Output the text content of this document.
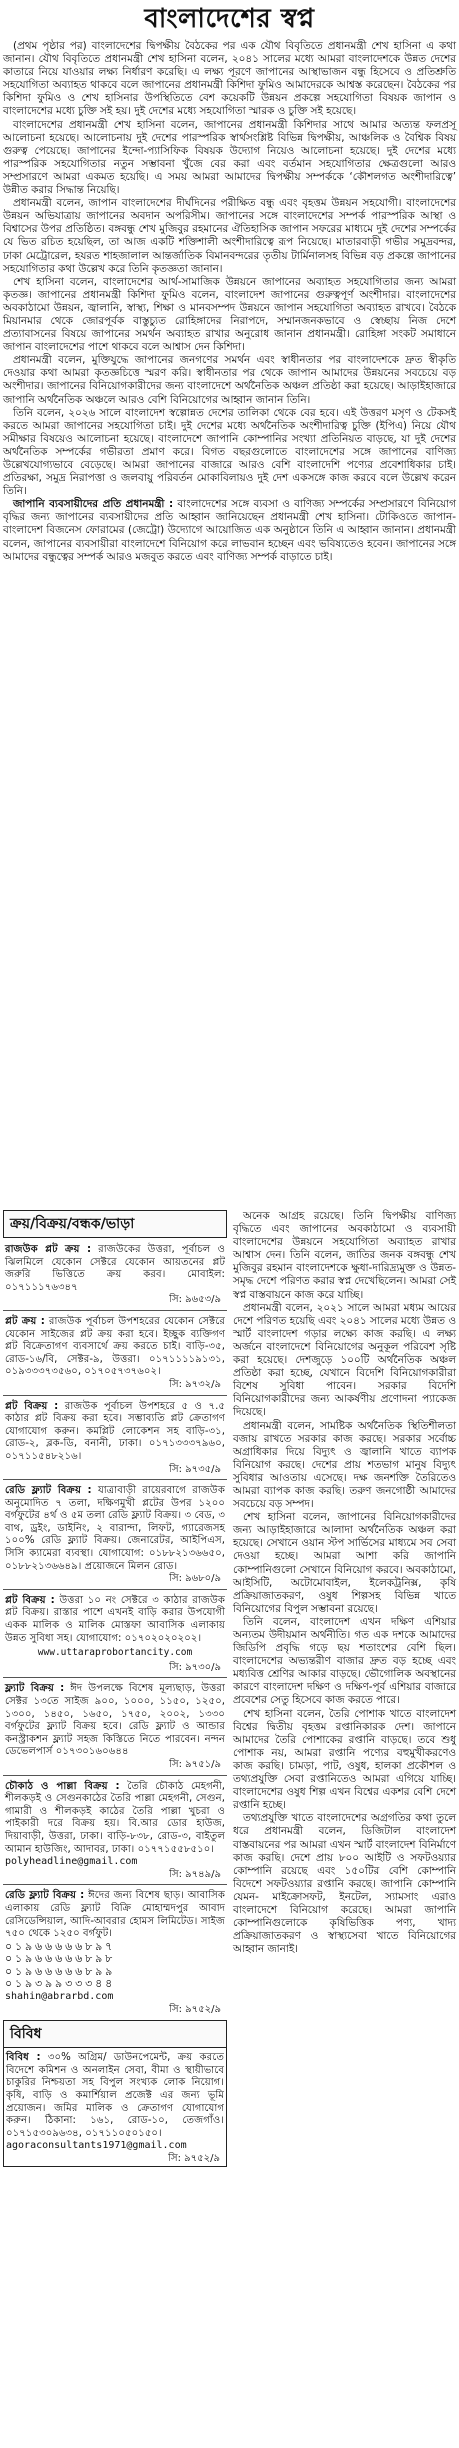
বাংলাদেশের স্বপ্ন

(প্রথম পৃষ্ঠার পর) বাংলাদেশের দ্বিপক্ষীয় বৈঠকের পর এক যৌথ বিবৃতিতে প্রধানমন্ত্রী শেখ হাসিনা এ কথা জানান। যৌথ বিবৃতিতে প্রধানমন্ত্রী শেখ হাসিনা বলেন, ২০৪১ সালের মধ্যে আমরা বাংলাদেশকে উন্নত দেশের কাতারে নিয়ে যাওয়ার লক্ষ্য নির্ধারণ করেছি। এ লক্ষ্য পূরণে জাপানের আস্থাভাজন বন্ধু হিসেবে ও প্রতিশ্রুতি সহযোগিতা অব্যাহত থাকবে বলে জাপানের প্রধানমন্ত্রী কিশিদা ফুমিও আমাদেরকে আশ্বস্ত করেছেন। বৈঠকের পর কিশিদা ফুমিও ও শেখ হাসিনার উপস্থিতিতে বেশ কয়েকটি উন্নয়ন প্রকল্পে সহযোগিতা বিষয়ক জাপান ও বাংলাদেশের মধ্যে চুক্তি সই হয়। দুই দেশের মধ্যে সহযোগিতা স্মারক ও চুক্তি সই হয়েছে।

বাংলাদেশের প্রধানমন্ত্রী শেখ হাসিনা বলেন, জাপানের প্রধানমন্ত্রী কিশিদার সাথে আমার অত্যন্ত ফলপ্রসূ আলোচনা হয়েছে। আলোচনায় দুই দেশের পারস্পরিক স্বার্থসংশ্লিষ্ট বিভিন্ন দ্বিপক্ষীয়, আঞ্চলিক ও বৈশ্বিক বিষয় গুরুত্ব পেয়েছে। জাপানের ইন্দো-প্যাসিফিক বিষয়ক উদ্যোগ নিয়েও আলোচনা হয়েছে। দুই দেশের মধ্যে পারস্পরিক সহযোগিতার নতুন সম্ভাবনা খুঁজে বের করা এবং বর্তমান সহযোগিতার ক্ষেত্রগুলো আরও সম্প্রসারণে আমরা একমত হয়েছি। এ সময় আমরা আমাদের দ্বিপক্ষীয় সম্পর্ককে ‘কৌশলগত অংশীদারিত্বে’ উন্নীত করার সিদ্ধান্ত নিয়েছি।

প্রধানমন্ত্রী বলেন, জাপান বাংলাদেশের দীর্ঘদিনের পরীক্ষিত বন্ধু এবং বৃহত্তম উন্নয়ন সহযোগী। বাংলাদেশের উন্নয়ন অভিযাত্রায় জাপানের অবদান অপরিসীম। জাপানের সঙ্গে বাংলাদেশের সম্পর্ক পারস্পরিক আস্থা ও বিশ্বাসের উপর প্রতিষ্ঠিত। বঙ্গবন্ধু শেখ মুজিবুর রহমানের ঐতিহাসিক জাপান সফরের মাধ্যমে দুই দেশের সম্পর্কের যে ভিত রচিত হয়েছিল, তা আজ একটি শক্তিশালী অংশীদারিত্বে রূপ নিয়েছে। মাতারবাড়ী গভীর সমুদ্রবন্দর, ঢাকা মেট্রোরেল, হযরত শাহজালাল আন্তর্জাতিক বিমানবন্দরের তৃতীয় টার্মিনালসহ বিভিন্ন বড় প্রকল্পে জাপানের সহযোগিতার কথা উল্লেখ করে তিনি কৃতজ্ঞতা জানান।

শেখ হাসিনা বলেন, বাংলাদেশের আর্থ-সামাজিক উন্নয়নে জাপানের অব্যাহত সহযোগিতার জন্য আমরা কৃতজ্ঞ। জাপানের প্রধানমন্ত্রী কিশিদা ফুমিও বলেন, বাংলাদেশ জাপানের গুরুত্বপূর্ণ অংশীদার। বাংলাদেশের অবকাঠামো উন্নয়ন, জ্বালানি, স্বাস্থ্য, শিক্ষা ও মানবসম্পদ উন্নয়নে জাপান সহযোগিতা অব্যাহত রাখবে। বৈঠকে মিয়ানমার থেকে জোরপূর্বক বাস্তুচ্যুত রোহিঙ্গাদের নিরাপদে, সম্মানজনকভাবে ও স্বেচ্ছায় নিজ দেশে প্রত্যাবাসনের বিষয়ে জাপানের সমর্থন অব্যাহত রাখার অনুরোধ জানান প্রধানমন্ত্রী। রোহিঙ্গা সংকট সমাধানে জাপান বাংলাদেশের পাশে থাকবে বলে আশ্বাস দেন কিশিদা।

প্রধানমন্ত্রী বলেন, মুক্তিযুদ্ধে জাপানের জনগণের সমর্থন এবং স্বাধীনতার পর বাংলাদেশকে দ্রুত স্বীকৃতি দেওয়ার কথা আমরা কৃতজ্ঞচিত্তে স্মরণ করি। স্বাধীনতার পর থেকে জাপান আমাদের উন্নয়নের সবচেয়ে বড় অংশীদার। জাপানের বিনিয়োগকারীদের জন্য বাংলাদেশে অর্থনৈতিক অঞ্চল প্রতিষ্ঠা করা হয়েছে। আড়াইহাজারে জাপানি অর্থনৈতিক অঞ্চলে আরও বেশি বিনিয়োগের আহ্বান জানান তিনি।

তিনি বলেন, ২০২৬ সালে বাংলাদেশ স্বল্পোন্নত দেশের তালিকা থেকে বের হবে। এই উত্তরণ মসৃণ ও টেকসই করতে আমরা জাপানের সহযোগিতা চাই। দুই দেশের মধ্যে অর্থনৈতিক অংশীদারিত্ব চুক্তি (ইপিএ) নিয়ে যৌথ সমীক্ষার বিষয়েও আলোচনা হয়েছে। বাংলাদেশে জাপানি কোম্পানির সংখ্যা প্রতিনিয়ত বাড়ছে, যা দুই দেশের অর্থনৈতিক সম্পর্কের গভীরতা প্রমাণ করে। বিগত বছরগুলোতে বাংলাদেশের সঙ্গে জাপানের বাণিজ্য উল্লেখযোগ্যভাবে বেড়েছে। আমরা জাপানের বাজারে আরও বেশি বাংলাদেশি পণ্যের প্রবেশাধিকার চাই। প্রতিরক্ষা, সমুদ্র নিরাপত্তা ও জলবায়ু পরিবর্তন মোকাবিলায়ও দুই দেশ একসঙ্গে কাজ করবে বলে উল্লেখ করেন তিনি।

জাপানি ব্যবসায়ীদের প্রতি প্রধানমন্ত্রী : বাংলাদেশের সঙ্গে ব্যবসা ও বাণিজ্য সম্পর্কের সম্প্রসারণে বিনিয়োগ বৃদ্ধির জন্য জাপানের ব্যবসায়ীদের প্রতি আহ্বান জানিয়েছেন প্রধানমন্ত্রী শেখ হাসিনা। টোকিওতে জাপান-বাংলাদেশ বিজনেস ফোরামের (জেট্রো) উদ্যোগে আয়োজিত এক অনুষ্ঠানে তিনি এ আহ্বান জানান। প্রধানমন্ত্রী বলেন, জাপানের ব্যবসায়ীরা বাংলাদেশে বিনিয়োগ করে লাভবান হচ্ছেন এবং ভবিষ্যতেও হবেন। জাপানের সঙ্গে আমাদের বন্ধুত্বের সম্পর্ক আরও মজবুত করতে এবং বাণিজ্য সম্পর্ক বাড়াতে চাই।

ক্রয়/বিক্রয়/বন্ধক/ভাড়া
রাজউক প্লট ক্রয় : রাজউকের উত্তরা, পূর্বাচল ও ঝিলমিলে যেকোন সেক্টরে যেকোন আয়তনের প্লট জরুরি ভিত্তিতে ক্রয় করব। মোবাইল: ০১৭১১১৭৬৩৪৭
সি: ৯৬৫৩/৯
প্লট ক্রয় : রাজউক পূর্বাচল উপশহরের যেকোন সেক্টরে যেকোন সাইজের প্লট ক্রয় করা হবে। ইচ্ছুক ব্যক্তিগণ প্লট বিক্রেতাগণ ব্যবসার্থে ক্রয় করতে চাই। বাড়ি-৩৫, রোড-১৬/বি, সেক্টর-৯, উত্তরা। ০১৭১১১১৯১৩১, ০১৯৩৩৩৭৩৫৬০, ০১৭০৫৭৩৭৬০২।
সি: ৯৭৩২/৯
প্লট বিক্রয় : রাজউক পূর্বাচল উপশহরে ৫ ও ৭.৫ কাঠার প্লট বিক্রয় করা হবে। সম্ভাব্যতি প্লট ক্রেতাগণ যোগাযোগ করুন। কমপ্লিট লোকেশন সহ বাড়ি-৩১, রোড-২, ব্লক-ডি, বনানী, ঢাকা। ০১৭১৩৩৩৭৯৬০, ০১৭১১৫৪৮২১৬।
সি: ৯৭৩৫/৯
রেডি ফ্ল্যাট বিক্রয় : যাত্রাবাড়ী রায়েরবাগে রাজউক অনুমোদিত ৭ তলা, দক্ষিণমুখী প্লটের উপর ১২০০ বর্গফুটের ৪র্থ ও ৫ম তলা রেডি ফ্ল্যাট বিক্রয়। ৩ বেড, ৩ বাথ, ড্রইং, ডাইনিং, ২ বারান্দা, লিফট, গ্যারেজসহ ১০০% রেডি ফ্ল্যাট বিক্রয়। জেনারেটর, আইপিএস, সিসি ক্যামেরা ব্যবস্থা। যোগাযোগ: ০১৮৮২১৩৬৬৫০, ০১৮৮২১৩৬৬৪৯। প্রয়োজনে মিলন রোড।
সি: ৯৬৮০/৯
প্লট বিক্রয় : উত্তরা ১০ নং সেক্টরে ৩ কাঠার রাজউক প্লট বিক্রয়। রাস্তার পাশে এখনই বাড়ি করার উপযোগী একক মালিক ও মালিক মোস্তফা আবাসিক এলাকায় উন্নত সুবিধা সহ। যোগাযোগ: ০১৭০২০২০২০২।
www.uttaraprobortancity.com
সি: ৯৭৩০/৯
ফ্ল্যাট বিক্রয় : ঈদ উপলক্ষে বিশেষ মূল্যছাড়, উত্তরা সেক্টর ১৩তে সাইজ ৯০০, ১০০০, ১১৫০, ১২৫০, ১৩০০, ১৪৫০, ১৬৫০, ১৭৫০, ২০০২, ১৩৩০ বর্গফুটের ফ্ল্যাট বিক্রয় হবে। রেডি ফ্ল্যাট ও আন্ডার কনস্ট্রাকশন ফ্ল্যাট সহজ কিস্তিতে নিতে পারবেন। নন্দন ডেভেলপার্স ০১৭৩০১৬০৬৪৪
সি: ৯৭৫১/৯
চৌকাঠ ও পাল্লা বিক্রয় : তৈরি চৌকাঠ মেহগনী, শীলকড়ই ও সেগুনকাঠের তৈরি পাল্লা মেহগনী, সেগুন, গামারী ও শীলকড়ই কাঠের তৈরি পাল্লা খুচরা ও পাইকারী দরে বিক্রয় হয়। বি.আর ডোর হাউজ, দিয়াবাড়ী, উত্তরা, ঢাকা। বাড়ি-৮৩৮, রোড-৩, বাইতুল আমান হাউজিং, আদাবর, ঢাকা। ০১৭৭১৫৫৮৫১০।
polyheadline@gmail.com
সি: ৯৭৪৯/৯
রেডি ফ্ল্যাট বিক্রয় : ঈদের জন্য বিশেষ ছাড়। আবাসিক এলাকায় রেডি ফ্ল্যাট বিক্রি মোহাম্মদপুর আবাদ রেসিডেন্সিয়াল, আদি-আবরার হোমস লিমিটেড। সাইজ ৭৫০ থেকে ১২৫০ বর্গফুট।
০১৯৬৬৬৬৬৮৯৭
০১৯৬৬৬৬৬৮৯৮
০১৯৬৬৬৬৬৮৯৯
০১৯৩৯৯৩৩৩৪৪
shahin@abrarbd.com
সি: ৯৭৫২/৯
বিবিধ
বিবিধ : ৩০% অগ্রিম/ ডাউনপেমেন্ট, ক্রয় করতে বিদেশে কমিশন ও অনলাইন সেবা, বীমা ও স্থায়ীভাবে চাকুরির নিশ্চয়তা সহ বিপুল সংখ্যক লোক নিয়োগ। কৃষি, বাড়ি ও কমার্শিয়াল প্রজেক্ট এর জন্য ভূমি প্রয়োজন। জমির মালিক ও ক্রেতাগণ যোগাযোগ করুন। ঠিকানা: ১৬১, রোড-১০, তেজগাঁও। ০১৭১৫৩০৯৬৩৪, ০১৭১১০৫০১৫০।
agoraconsultants1971@gmail.com
সি: ৯৭৫২/৯

অনেক আগ্রহ রয়েছে। তিনি দ্বিপক্ষীয় বাণিজ্য বৃদ্ধিতে এবং জাপানের অবকাঠামো ও ব্যবসায়ী বাংলাদেশের উন্নয়নে সহযোগিতা অব্যাহত রাখার আশ্বাস দেন। তিনি বলেন, জাতির জনক বঙ্গবন্ধু শেখ মুজিবুর রহমান বাংলাদেশকে ক্ষুধা-দারিদ্র্যমুক্ত ও উন্নত-সমৃদ্ধ দেশে পরিণত করার স্বপ্ন দেখেছিলেন। আমরা সেই স্বপ্ন বাস্তবায়নে কাজ করে যাচ্ছি।

প্রধানমন্ত্রী বলেন, ২০২১ সালে আমরা মধ্যম আয়ের দেশে পরিণত হয়েছি এবং ২০৪১ সালের মধ্যে উন্নত ও স্মার্ট বাংলাদেশ গড়ার লক্ষ্যে কাজ করছি। এ লক্ষ্য অর্জনে বাংলাদেশে বিনিয়োগের অনুকূল পরিবেশ সৃষ্টি করা হয়েছে। দেশজুড়ে ১০০টি অর্থনৈতিক অঞ্চল প্রতিষ্ঠা করা হচ্ছে, যেখানে বিদেশি বিনিয়োগকারীরা বিশেষ সুবিধা পাবেন। সরকার বিদেশি বিনিয়োগকারীদের জন্য আকর্ষণীয় প্রণোদনা প্যাকেজ দিয়েছে।

প্রধানমন্ত্রী বলেন, সামষ্টিক অর্থনৈতিক স্থিতিশীলতা বজায় রাখতে সরকার কাজ করছে। সরকার সর্বোচ্চ অগ্রাধিকার দিয়ে বিদ্যুৎ ও জ্বালানি খাতে ব্যাপক বিনিয়োগ করছে। দেশের প্রায় শতভাগ মানুষ বিদ্যুৎ সুবিধার আওতায় এসেছে। দক্ষ জনশক্তি তৈরিতেও আমরা ব্যাপক কাজ করছি। তরুণ জনগোষ্ঠী আমাদের সবচেয়ে বড় সম্পদ।

শেখ হাসিনা বলেন, জাপানের বিনিয়োগকারীদের জন্য আড়াইহাজারে আলাদা অর্থনৈতিক অঞ্চল করা হয়েছে। সেখানে ওয়ান স্টপ সার্ভিসের মাধ্যমে সব সেবা দেওয়া হচ্ছে। আমরা আশা করি জাপানি কোম্পানিগুলো সেখানে বিনিয়োগ করবে। অবকাঠামো, আইসিটি, অটোমোবাইল, ইলেকট্রনিক্স, কৃষি প্রক্রিয়াজাতকরণ, ওষুধ শিল্পসহ বিভিন্ন খাতে বিনিয়োগের বিপুল সম্ভাবনা রয়েছে।

তিনি বলেন, বাংলাদেশ এখন দক্ষিণ এশিয়ার অন্যতম উদীয়মান অর্থনীতি। গত এক দশকে আমাদের জিডিপি প্রবৃদ্ধি গড়ে ছয় শতাংশের বেশি ছিল। বাংলাদেশের অভ্যন্তরীণ বাজার দ্রুত বড় হচ্ছে এবং মধ্যবিত্ত শ্রেণির আকার বাড়ছে। ভৌগোলিক অবস্থানের কারণে বাংলাদেশ দক্ষিণ ও দক্ষিণ-পূর্ব এশিয়ার বাজারে প্রবেশের সেতু হিসেবে কাজ করতে পারে।

শেখ হাসিনা বলেন, তৈরি পোশাক খাতে বাংলাদেশ বিশ্বের দ্বিতীয় বৃহত্তম রপ্তানিকারক দেশ। জাপানে আমাদের তৈরি পোশাকের রপ্তানি বাড়ছে। তবে শুধু পোশাক নয়, আমরা রপ্তানি পণ্যের বহুমুখীকরণেও কাজ করছি। চামড়া, পাট, ওষুধ, হালকা প্রকৌশল ও তথ্যপ্রযুক্তি সেবা রপ্তানিতেও আমরা এগিয়ে যাচ্ছি। বাংলাদেশের ওষুধ শিল্প এখন বিশ্বের একশর বেশি দেশে রপ্তানি হচ্ছে।

তথ্যপ্রযুক্তি খাতে বাংলাদেশের অগ্রগতির কথা তুলে ধরে প্রধানমন্ত্রী বলেন, ডিজিটাল বাংলাদেশ বাস্তবায়নের পর আমরা এখন স্মার্ট বাংলাদেশ বিনির্মাণে কাজ করছি। দেশে প্রায় ৮০০ আইটি ও সফটওয়্যার কোম্পানি রয়েছে এবং ১৫০টির বেশি কোম্পানি বিদেশে সফটওয়্যার রপ্তানি করছে। জাপানি কোম্পানি যেমন- মাইক্রোসফট, ইনটেল, স্যামসাং এরাও বাংলাদেশে বিনিয়োগ করেছে। আমরা জাপানি কোম্পানিগুলোকে কৃষিভিত্তিক পণ্য, খাদ্য প্রক্রিয়াজাতকরণ ও স্বাস্থ্যসেবা খাতে বিনিয়োগের আহ্বান জানাই।
